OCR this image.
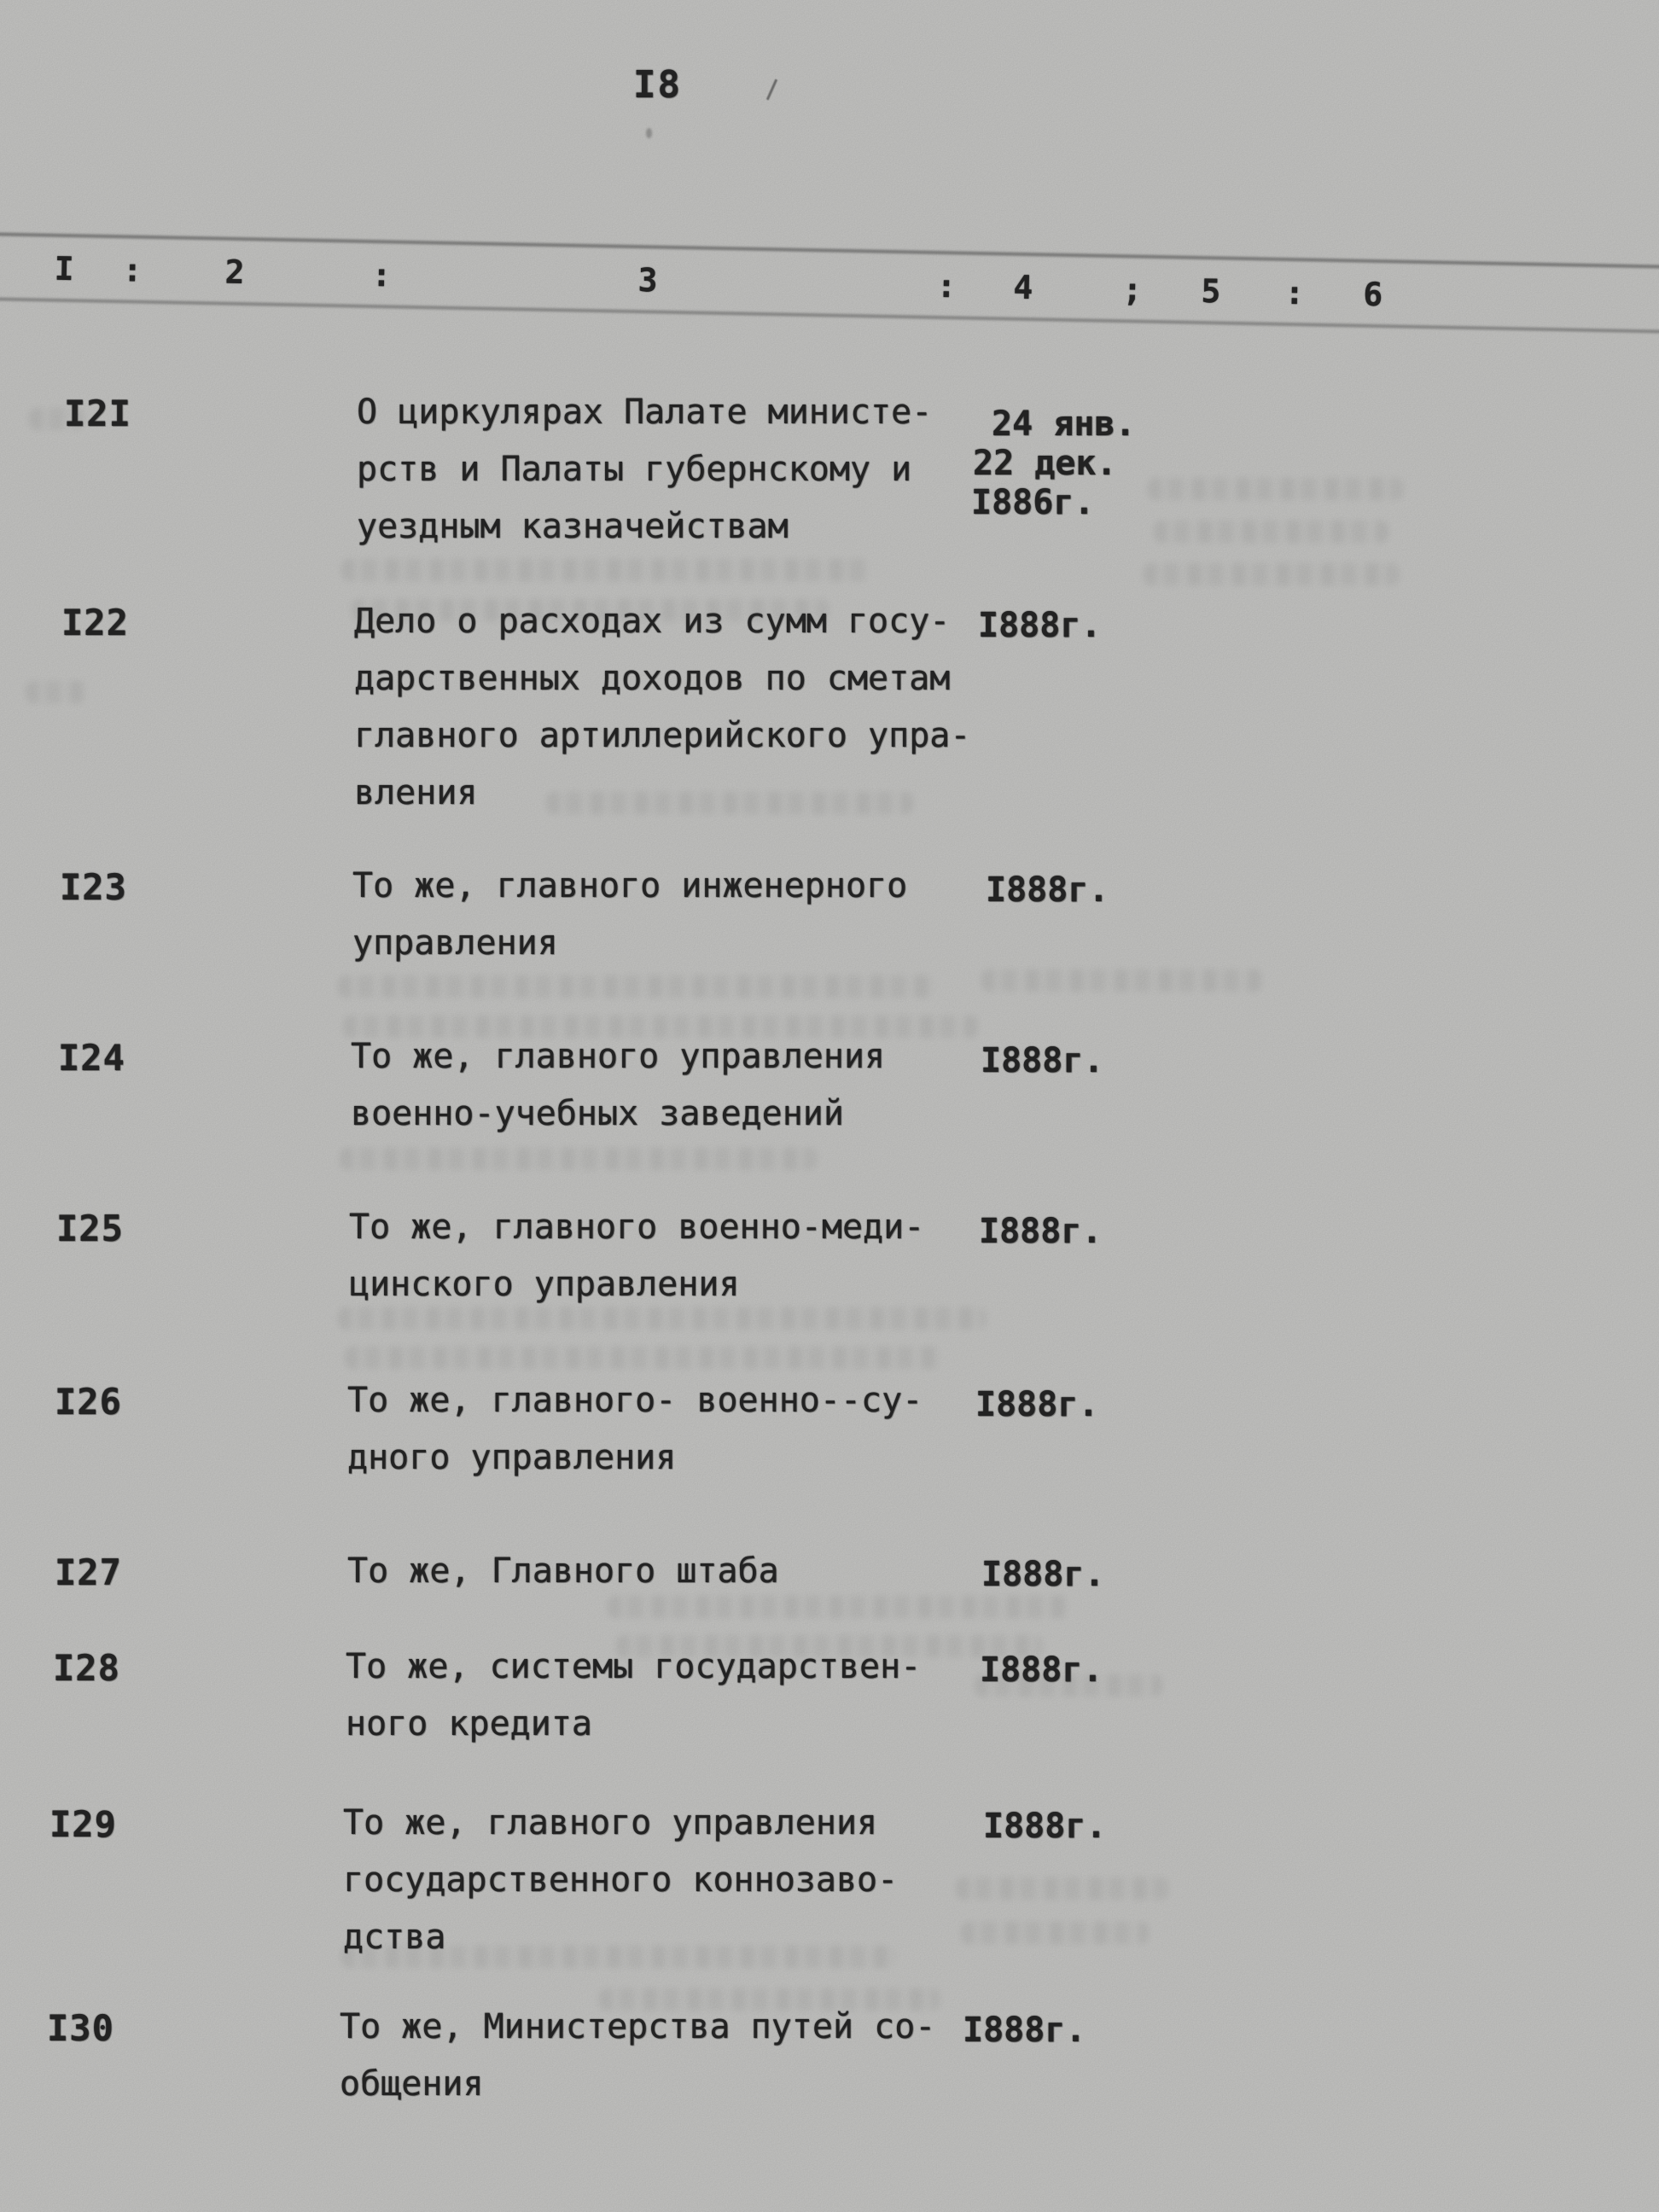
I8
I :	2	:	3	: 4	; 5 : 6
I2I	О циркулярах Палате министе-
рств и Палаты губернскому и
уездным казначействам
24 янв.
22 дек.
I886г.
I22	Дело о расходах из сумм госу-
дарственных доходов по сметам
главного артиллерийского упра-
вления
I888г.
I23	То же, главного инженерного
управления
I888г.
I24	То же, главного управления
военно-учебных заведений
I888г.
I25	То же, главного военно-меди-
цинского управления
I888г.
I26	То же, главного- военно--су-
дного управления
I888г.
I27	То же, Главного штаба	I888г.
I28	То же, системы государствен-
ного кредита
I888г.
I29	То же, главного управления
государственного коннозаво-
дства
I888г.
I30	То же, Министерства путей со-
общения
I888г.
